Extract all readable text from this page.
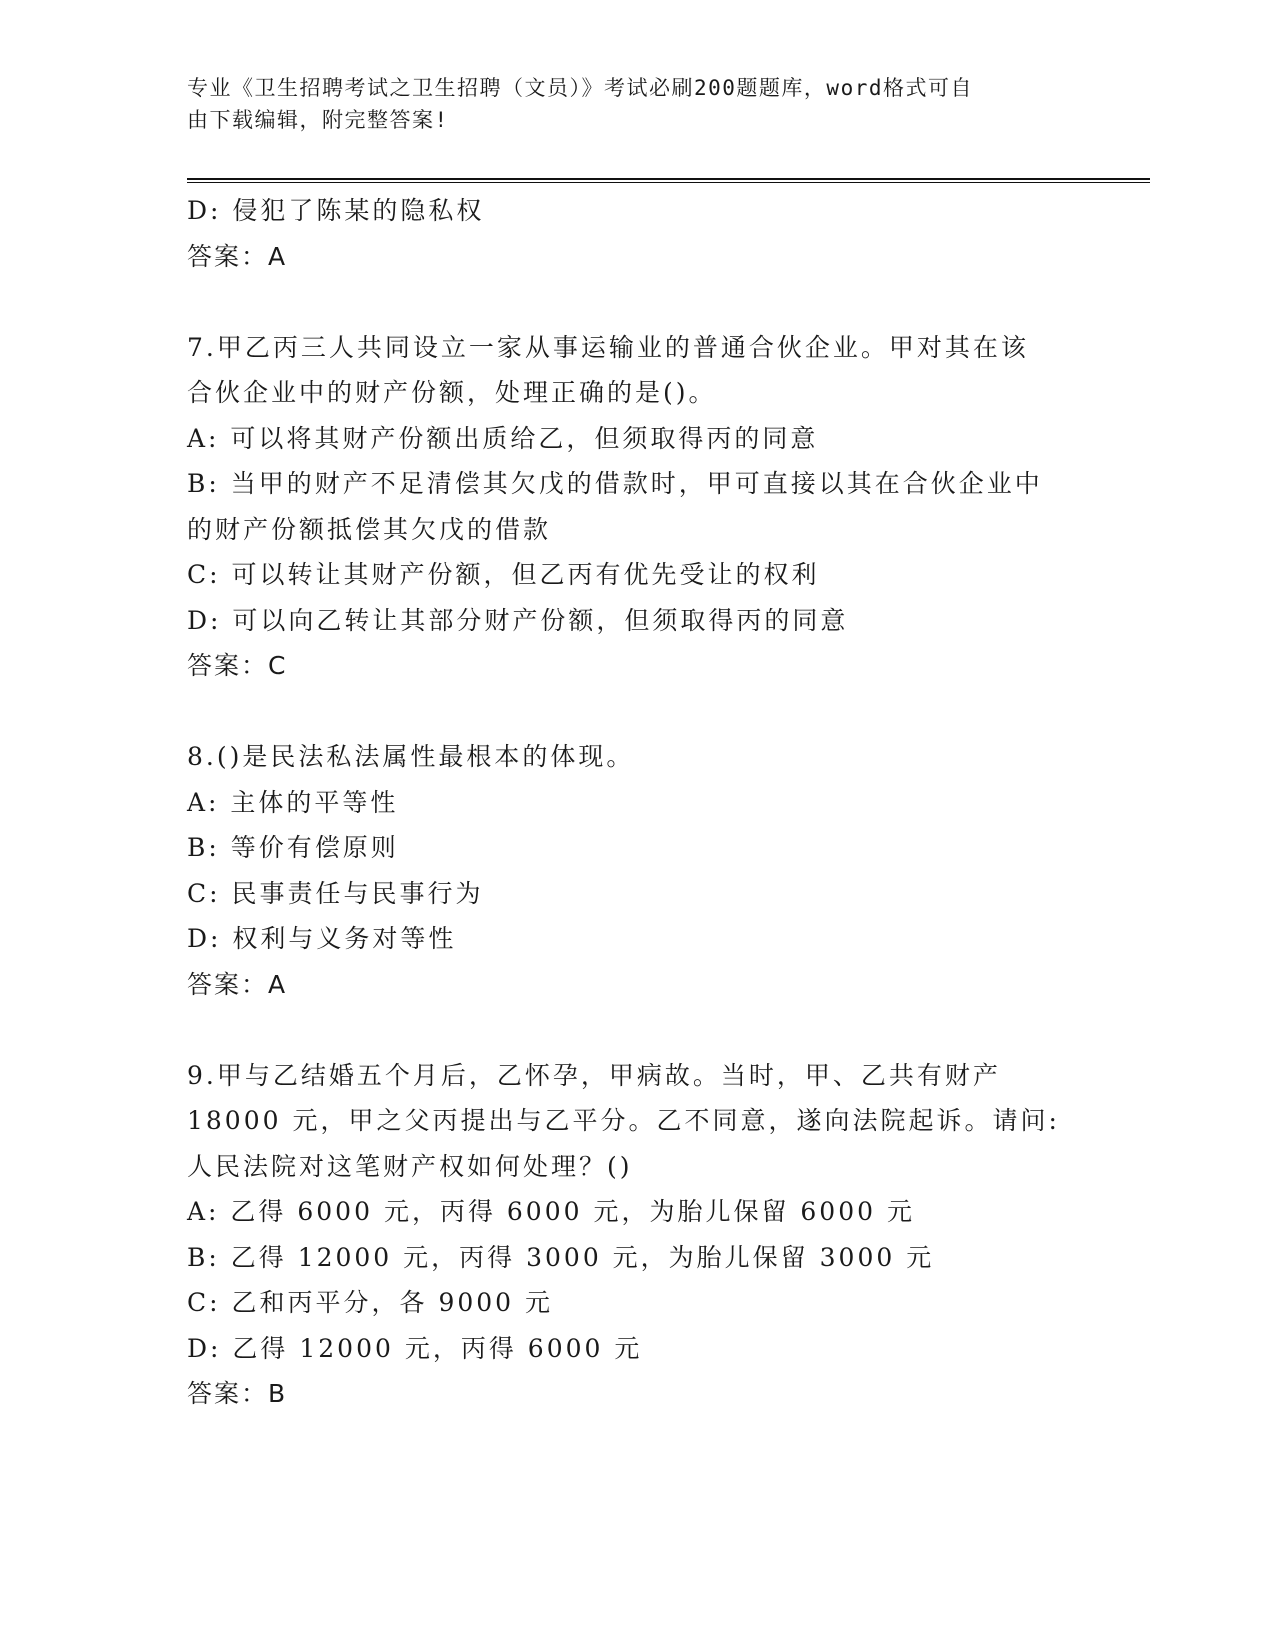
专业《卫生招聘考试之卫生招聘（文员）》考试必刷200题题库，word格式可自
由下载编辑，附完整答案!
D: 侵犯了陈某的隐私权
答案：A
7.甲乙丙三人共同设立一家从事运输业的普通合伙企业。甲对其在该
合伙企业中的财产份额，处理正确的是()。
A: 可以将其财产份额出质给乙，但须取得丙的同意
B: 当甲的财产不足清偿其欠戊的借款时，甲可直接以其在合伙企业中
的财产份额抵偿其欠戊的借款
C: 可以转让其财产份额，但乙丙有优先受让的权利
D: 可以向乙转让其部分财产份额，但须取得丙的同意
答案：C
8.()是民法私法属性最根本的体现。
A: 主体的平等性
B: 等价有偿原则
C: 民事责任与民事行为
D: 权利与义务对等性
答案：A
9.甲与乙结婚五个月后，乙怀孕，甲病故。当时，甲、乙共有财产
18000 元，甲之父丙提出与乙平分。乙不同意，遂向法院起诉。请问:
人民法院对这笔财产权如何处理？()
A: 乙得 6000 元，丙得 6000 元，为胎儿保留 6000 元
B: 乙得 12000 元，丙得 3000 元，为胎儿保留 3000 元
C: 乙和丙平分，各 9000 元
D: 乙得 12000 元，丙得 6000 元
答案：B
